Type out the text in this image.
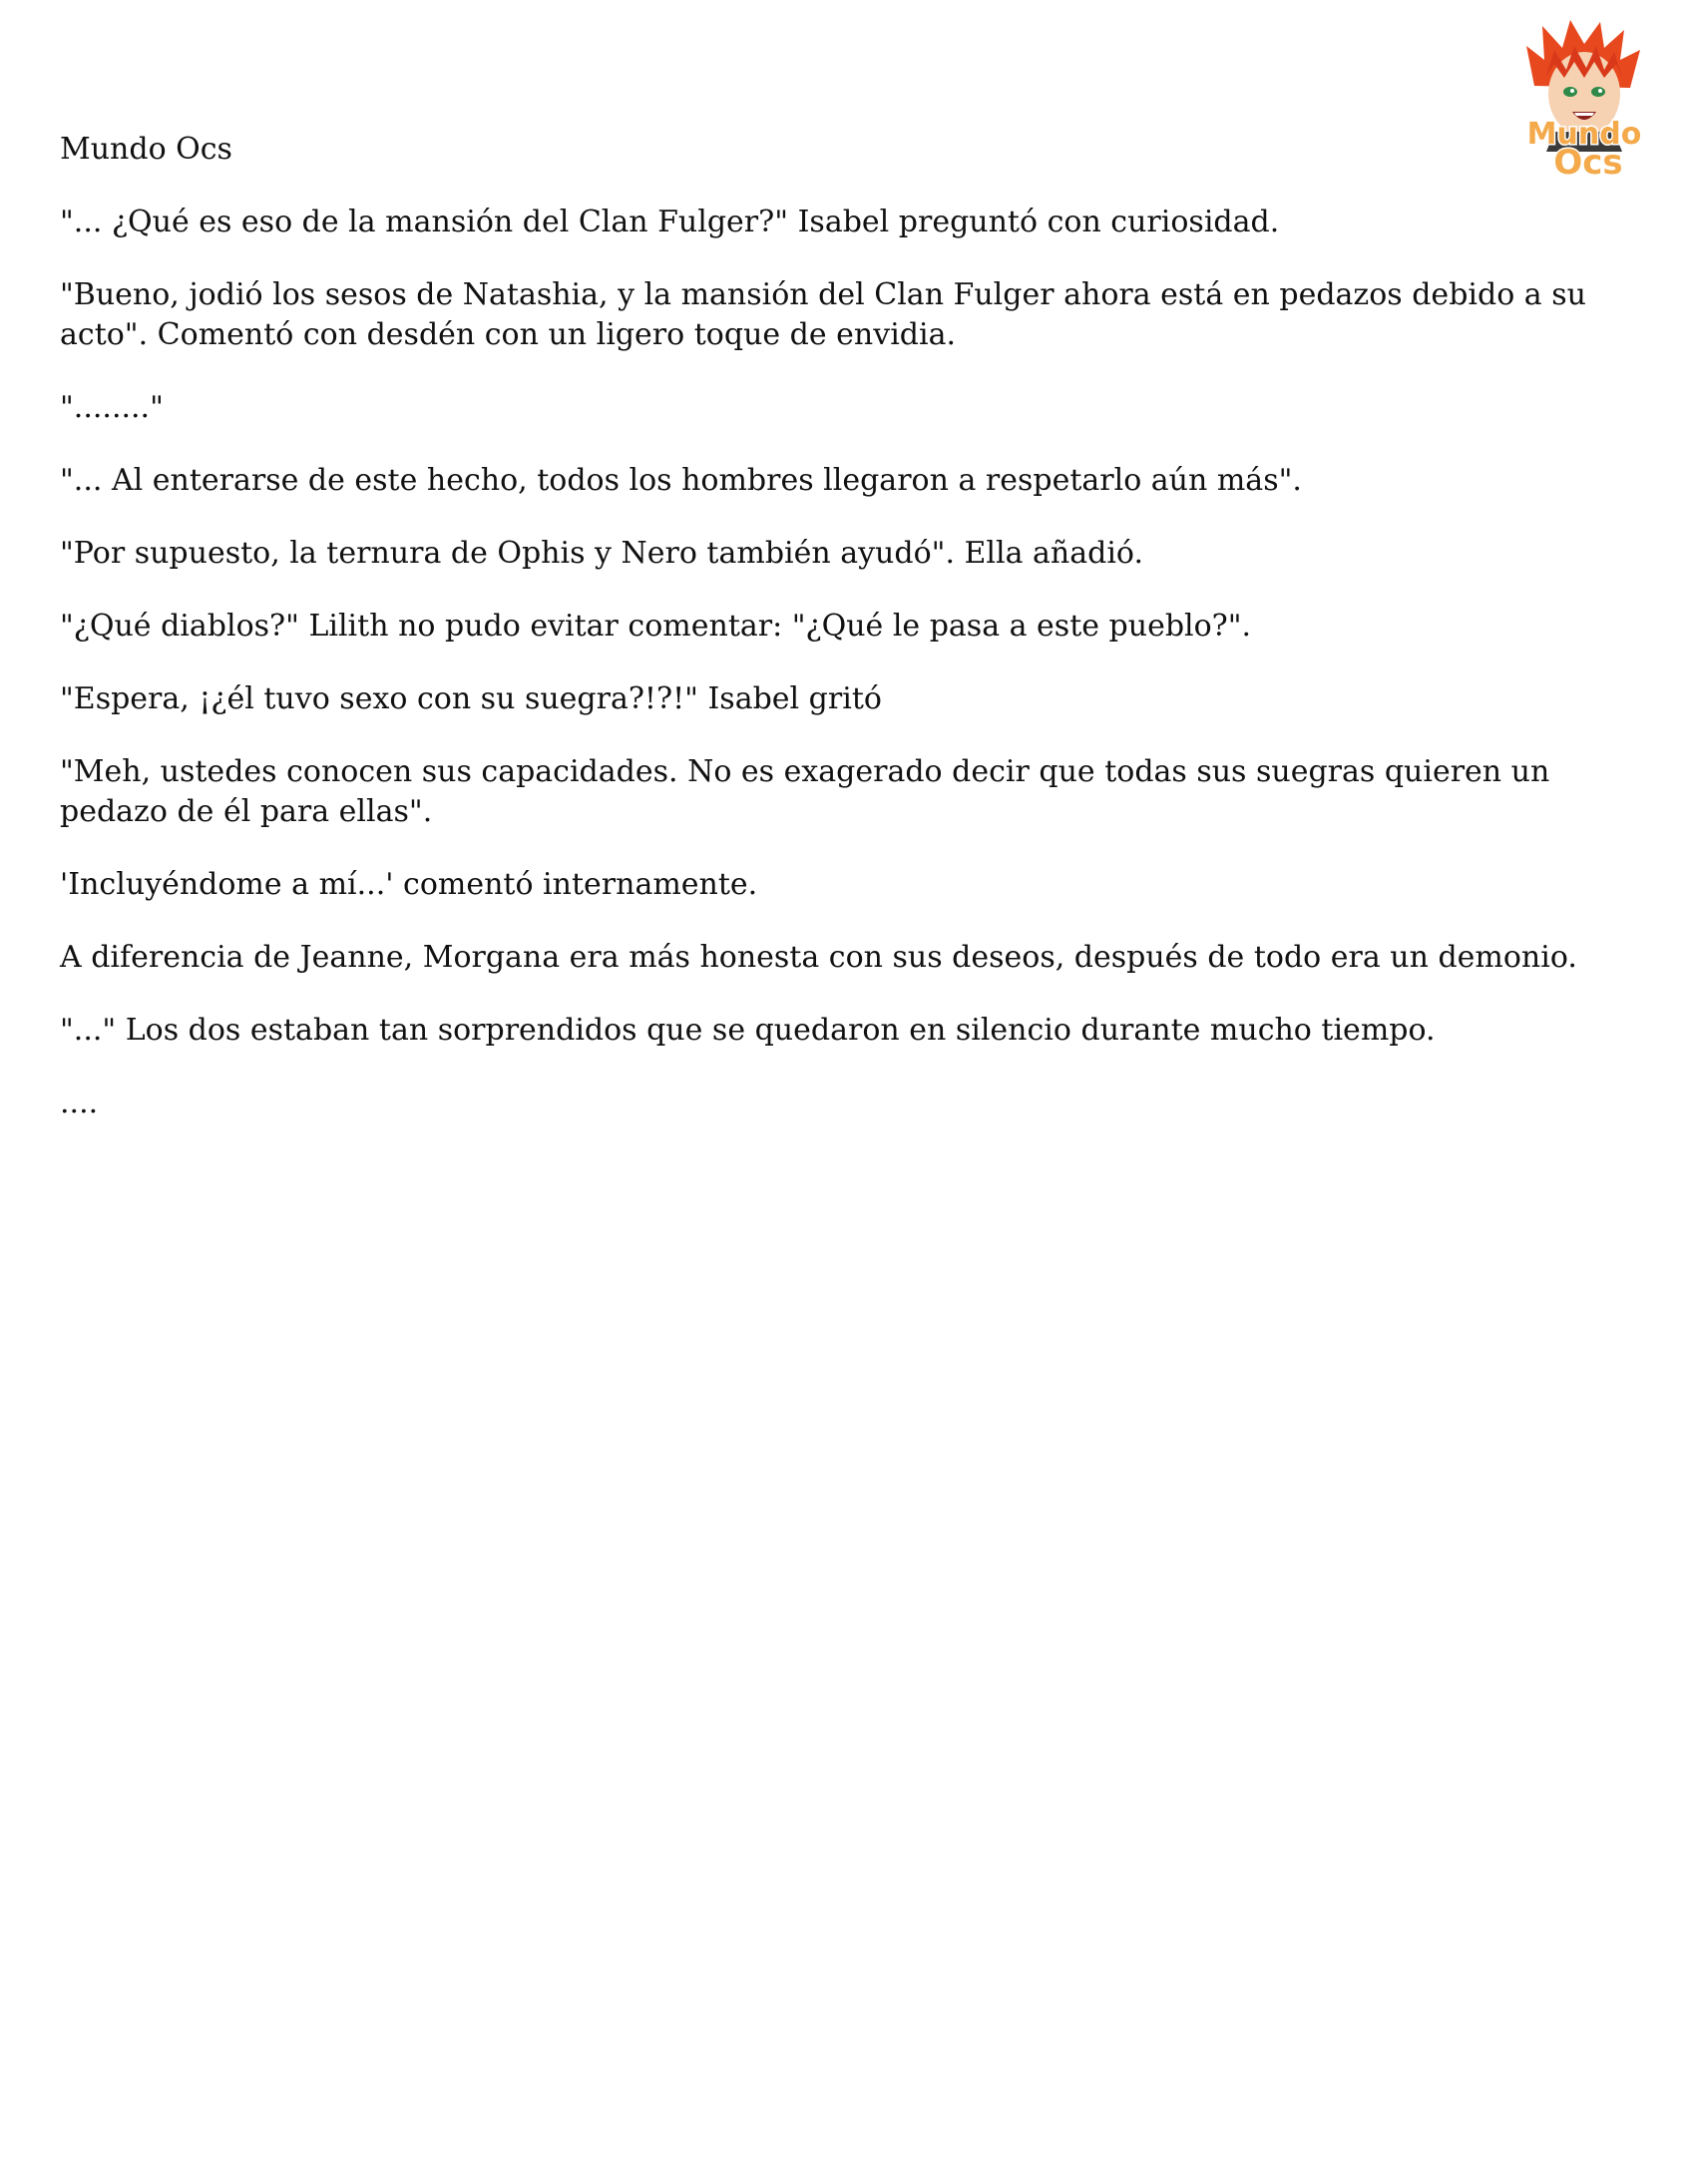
Mundo
Ocs

Mundo Ocs

"... ¿Qué es eso de la mansión del Clan Fulger?" Isabel preguntó con curiosidad.

"Bueno, jodió los sesos de Natashia, y la mansión del Clan Fulger ahora está en pedazos debido a su acto". Comentó con desdén con un ligero toque de envidia.

"........"

"... Al enterarse de este hecho, todos los hombres llegaron a respetarlo aún más".

"Por supuesto, la ternura de Ophis y Nero también ayudó". Ella añadió.

"¿Qué diablos?" Lilith no pudo evitar comentar: "¿Qué le pasa a este pueblo?".

"Espera, ¡¿él tuvo sexo con su suegra?!?!" Isabel gritó

"Meh, ustedes conocen sus capacidades. No es exagerado decir que todas sus suegras quieren un pedazo de él para ellas".

'Incluyéndome a mí...' comentó internamente.

A diferencia de Jeanne, Morgana era más honesta con sus deseos, después de todo era un demonio.

"..." Los dos estaban tan sorprendidos que se quedaron en silencio durante mucho tiempo.

....
